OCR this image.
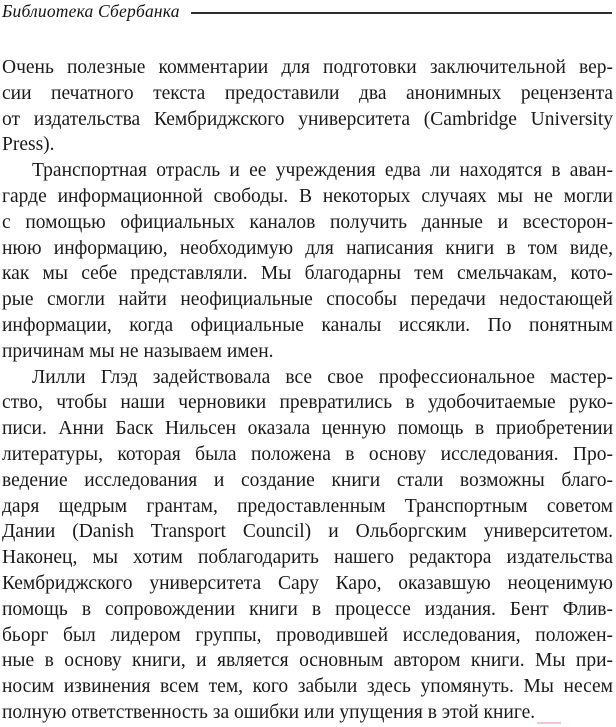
Библиотека Сбербанка
Очень полезные комментарии для подготовки заключительной вер-
сии печатного текста предоставили два анонимных рецензента
от издательства Кембриджского университета (Cambridge University
Press).
Транспортная отрасль и ее учреждения едва ли находятся в аван-
гарде информационной свободы. В некоторых случаях мы не могли
с помощью официальных каналов получить данные и всесторон-
нюю информацию, необходимую для написания книги в том виде,
как мы себе представляли. Мы благодарны тем смельчакам, кото-
рые смогли найти неофициальные способы передачи недостающей
информации, когда официальные каналы иссякли. По понятным
причинам мы не называем имен.
Лилли Глэд задействовала все свое профессиональное мастер-
ство, чтобы наши черновики превратились в удобочитаемые руко-
писи. Анни Баск Нильсен оказала ценную помощь в приобретении
литературы, которая была положена в основу исследования. Про-
ведение исследования и создание книги стали возможны благо-
даря щедрым грантам, предоставленным Транспортным советом
Дании (Danish Transport Council) и Ольборгским университетом.
Наконец, мы хотим поблагодарить нашего редактора издательства
Кембриджского университета Сару Каро, оказавшую неоценимую
помощь в сопровождении книги в процессе издания. Бент Флив-
бьорг был лидером группы, проводившей исследования, положен-
ные в основу книги, и является основным автором книги. Мы при-
носим извинения всем тем, кого забыли здесь упомянуть. Мы несем
полную ответственность за ошибки или упущения в этой книге.
